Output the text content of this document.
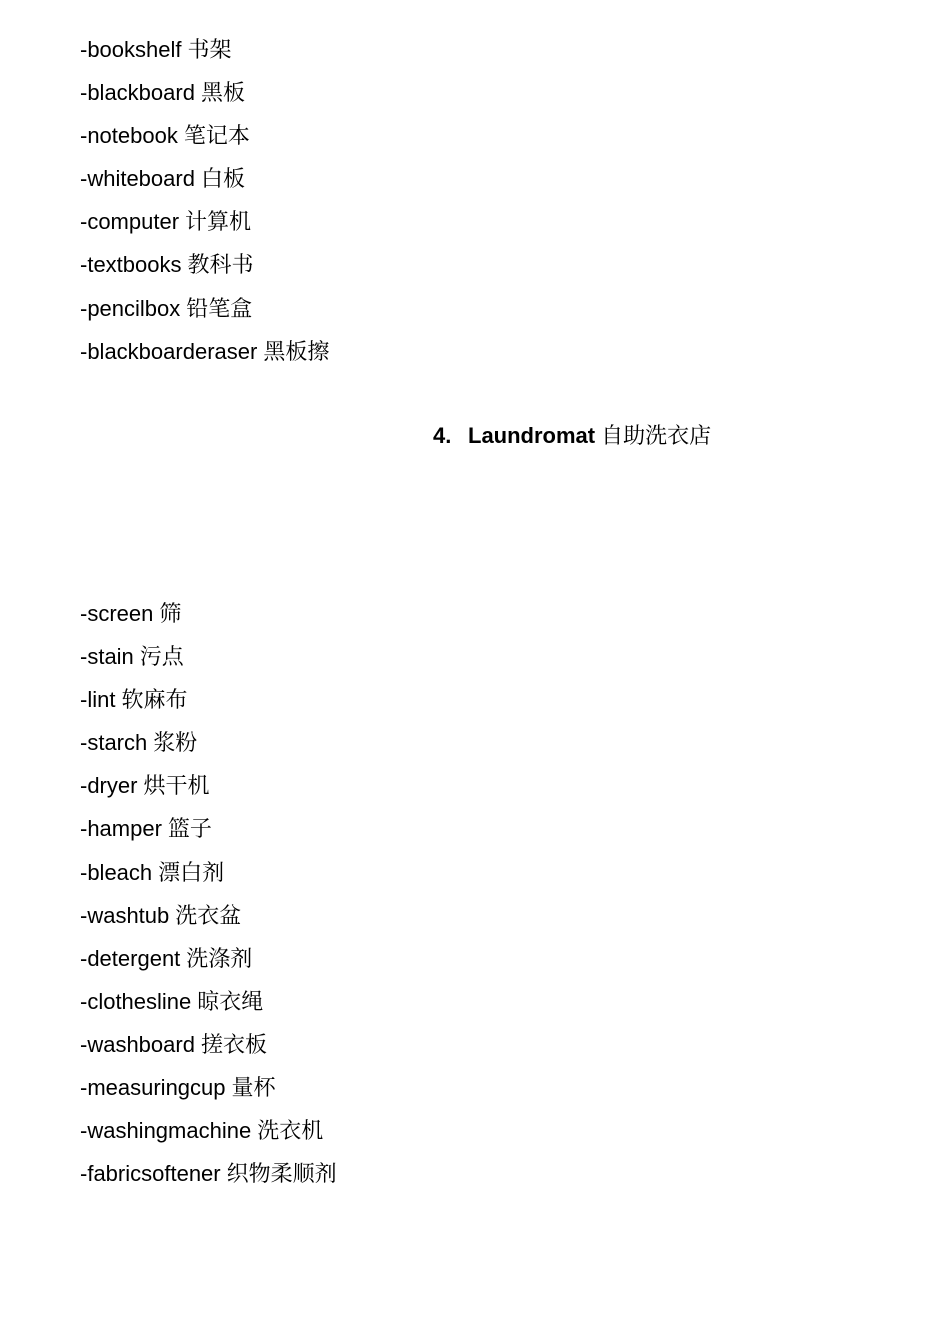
-bookshelf 书架
-blackboard 黑板
-notebook 笔记本
-whiteboard 白板
-computer 计算机
-textbooks 教科书
-pencilbox 铅笔盒
-blackboarderaser 黑板擦
4. Laundromat 自助洗衣店
-screen 筛
-stain 污点
-lint 软麻布
-starch 浆粉
-dryer 烘干机
-hamper 篮子
-bleach 漂白剂
-washtub 洗衣盆
-detergent 洗涤剂
-clothesline 晾衣绳
-washboard 搓衣板
-measuringcup 量杯
-washingmachine 洗衣机
-fabricsoftener 织物柔顺剂
